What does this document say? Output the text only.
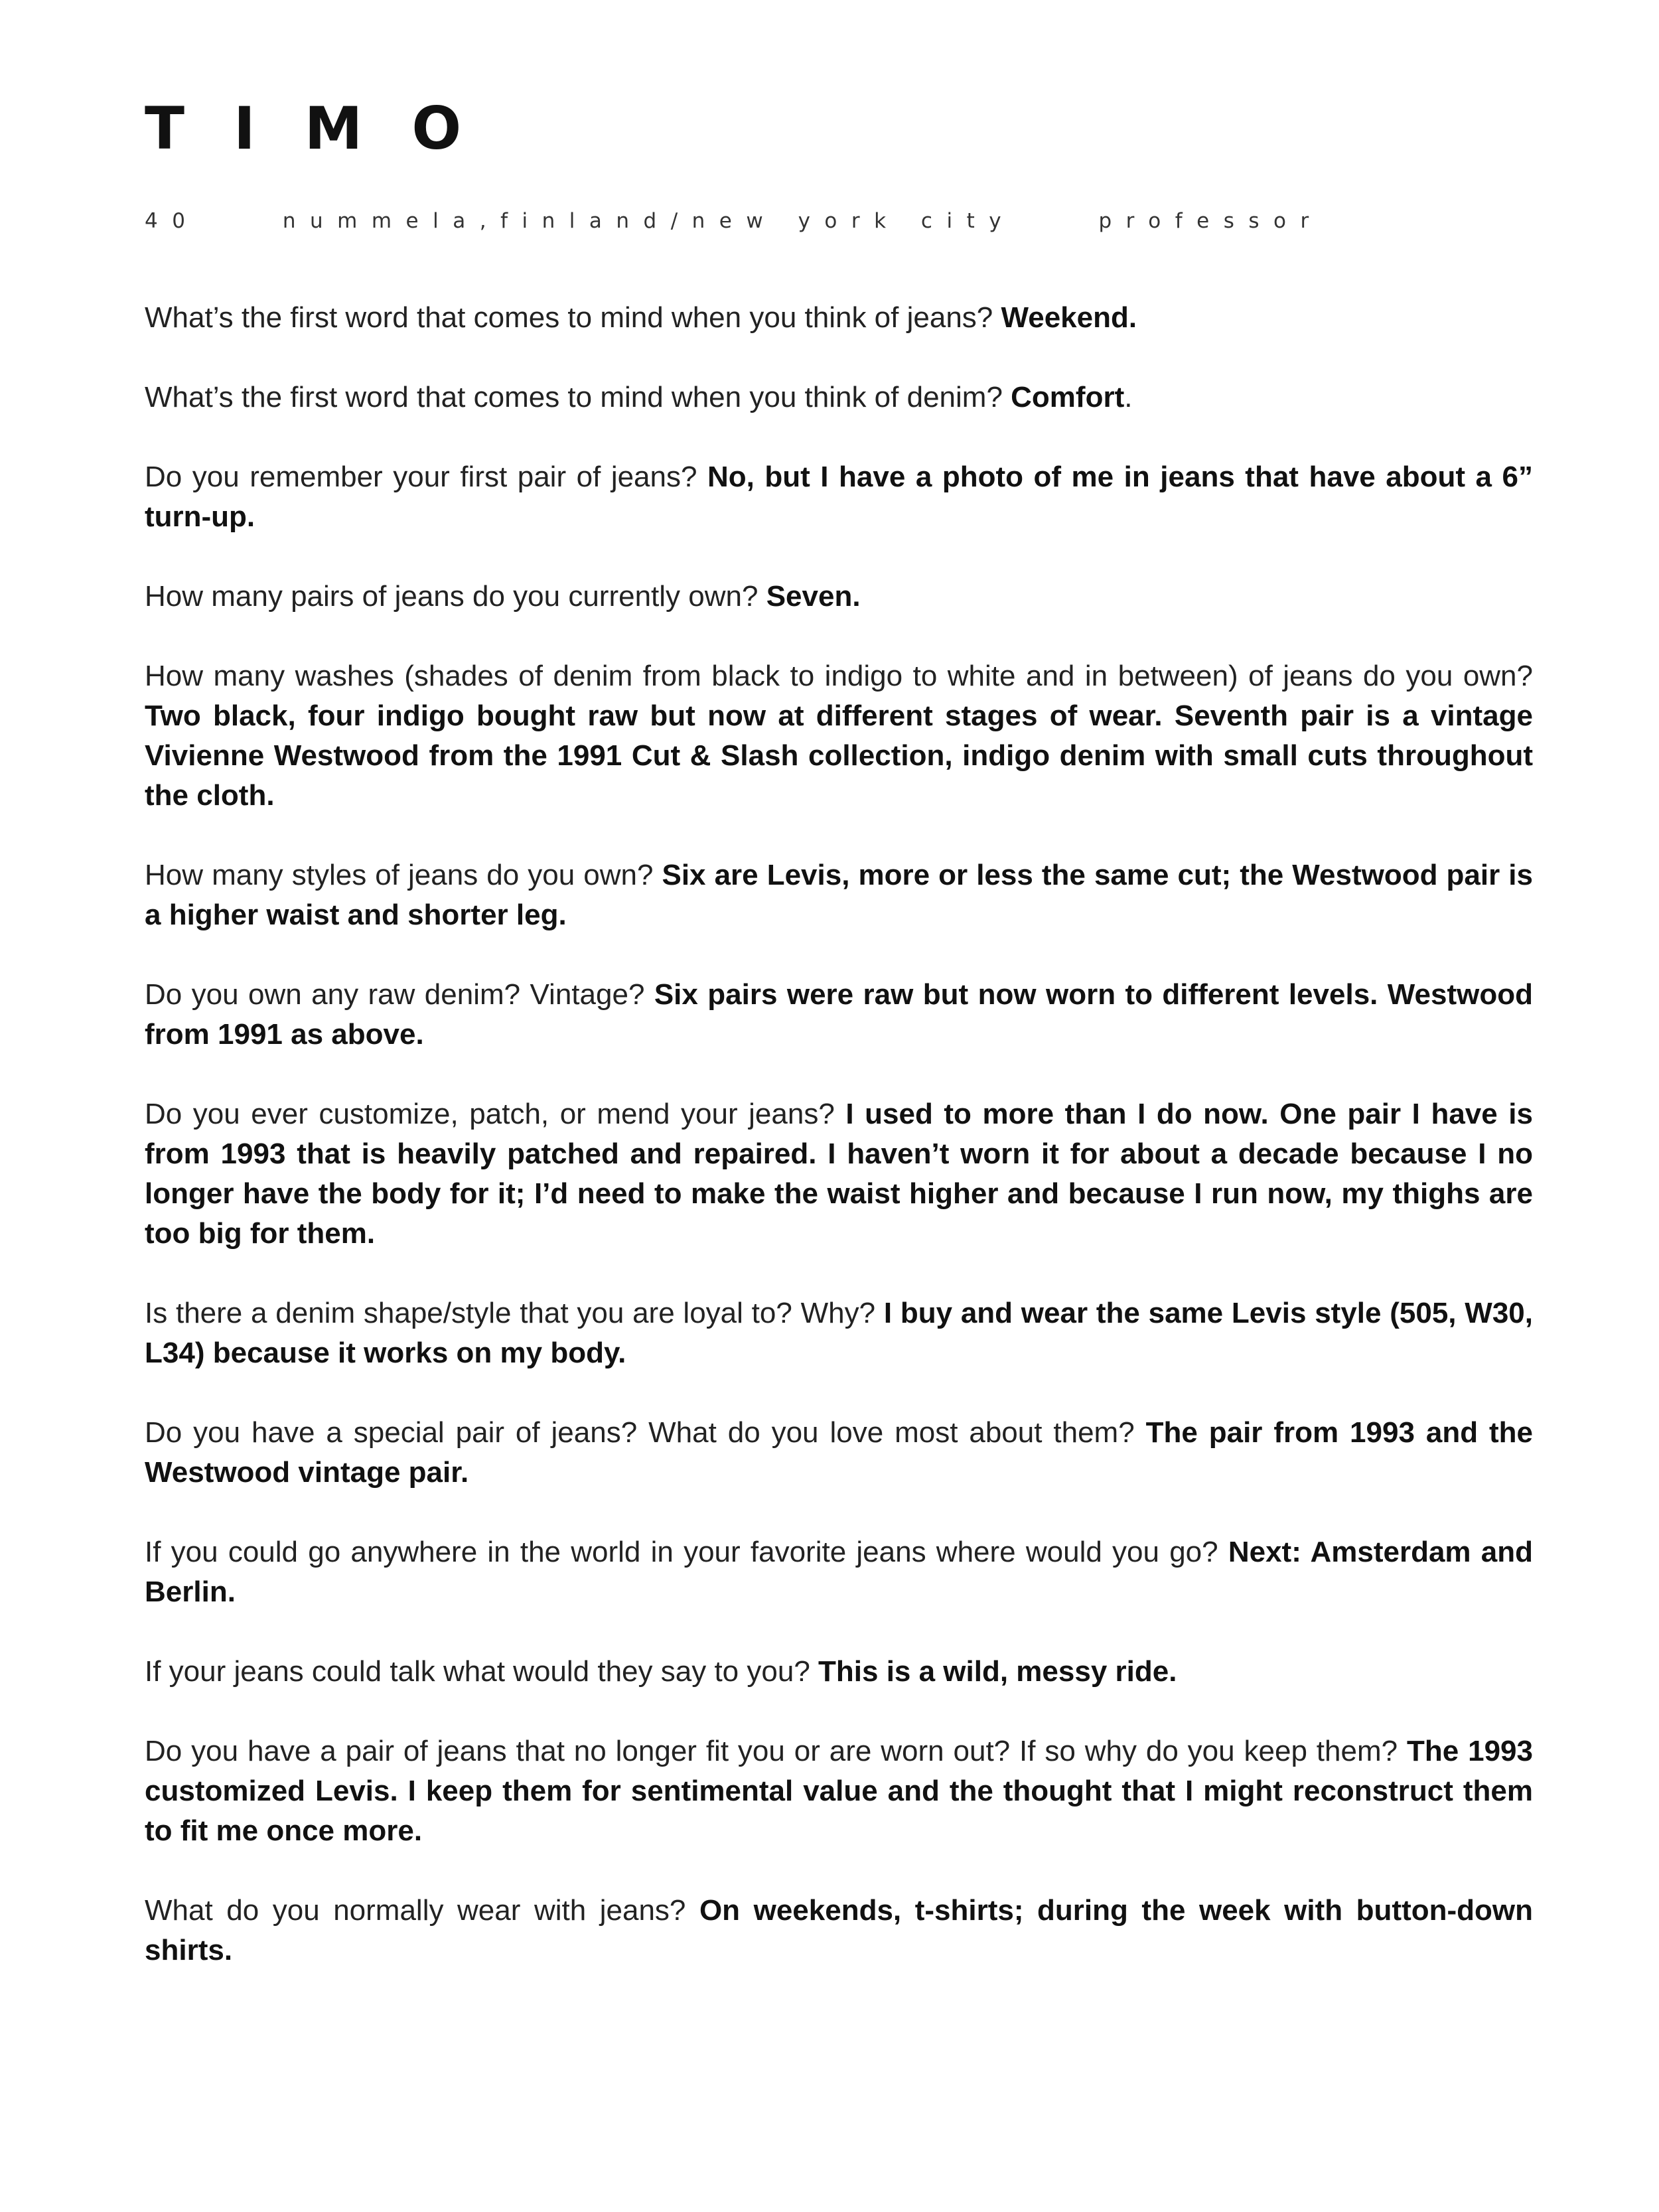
TIMO
40    nummela,finland/new york city    professor

What’s the first word that comes to mind when you think of jeans? Weekend.

What’s the first word that comes to mind when you think of denim? Comfort.

Do you remember your first pair of jeans? No, but I have a photo of me in jeans that have about a 6” turn-up.

How many pairs of jeans do you currently own? Seven.

How many washes (shades of denim from black to indigo to white and in between) of jeans do you own? Two black, four indigo bought raw but now at different stages of wear. Seventh pair is a vintage Vivienne Westwood from the 1991 Cut & Slash collection, indigo denim with small cuts throughout the cloth.

How many styles of jeans do you own? Six are Levis, more or less the same cut; the Westwood pair is a higher waist and shorter leg.

Do you own any raw denim? Vintage? Six pairs were raw but now worn to different levels. Westwood from 1991 as above.

Do you ever customize, patch, or mend your jeans? I used to more than I do now. One pair I have is from 1993 that is heavily patched and repaired. I haven’t worn it for about a decade because I no longer have the body for it; I’d need to make the waist higher and because I run now, my thighs are too big for them.

Is there a denim shape/style that you are loyal to? Why? I buy and wear the same Levis style (505, W30, L34) because it works on my body.

Do you have a special pair of jeans? What do you love most about them? The pair from 1993 and the Westwood vintage pair.

If you could go anywhere in the world in your favorite jeans where would you go? Next: Amsterdam and Berlin.

If your jeans could talk what would they say to you? This is a wild, messy ride.

Do you have a pair of jeans that no longer fit you or are worn out? If so why do you keep them? The 1993 customized Levis. I keep them for sentimental value and the thought that I might reconstruct them to fit me once more.

What do you normally wear with jeans? On weekends, t-shirts; during the week with button-down shirts.
